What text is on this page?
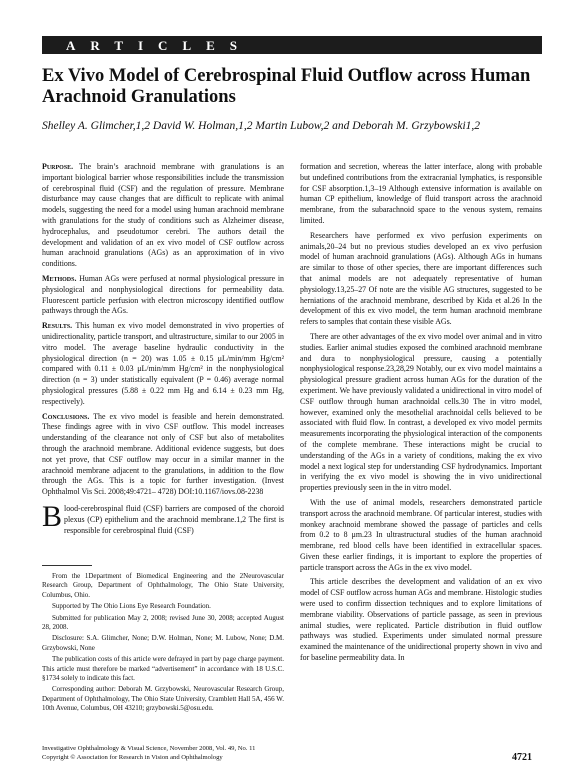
ARTICLES
Ex Vivo Model of Cerebrospinal Fluid Outflow across Human Arachnoid Granulations
Shelley A. Glimcher,1,2 David W. Holman,1,2 Martin Lubow,2 and Deborah M. Grzybowski1,2

Purpose. The brain’s arachnoid membrane with granulations is an important biological barrier whose responsibilities include the transmission of cerebrospinal fluid (CSF) and the regulation of pressure. Membrane disturbance may cause changes that are difficult to replicate with animal models, suggesting the need for a model using human arachnoid membrane with granulations for the study of conditions such as Alzheimer disease, hydrocephalus, and pseudotumor cerebri. The authors detail the development and validation of an ex vivo model of CSF outflow across human arachnoid granulations (AGs) as an approximation of in vivo conditions.

Methods. Human AGs were perfused at normal physiological pressure in physiological and nonphysiological directions for permeability data. Fluorescent particle perfusion with electron microscopy identified outflow pathways through the AGs.

Results. This human ex vivo model demonstrated in vivo properties of unidirectionality, particle transport, and ultrastructure, similar to our 2005 in vitro model. The average baseline hydraulic conductivity in the physiological direction (n = 20) was 1.05 ± 0.15 μL/min/mm Hg/cm² compared with 0.11 ± 0.03 μL/min/mm Hg/cm² in the nonphysiological direction (n = 3) under statistically equivalent (P = 0.46) average normal physiological pressures (5.88 ± 0.22 mm Hg and 6.14 ± 0.23 mm Hg, respectively).

Conclusions. The ex vivo model is feasible and herein demonstrated. These findings agree with in vivo CSF outflow. This model increases understanding of the clearance not only of CSF but also of metabolites through the arachnoid membrane. Additional evidence suggests, but does not yet prove, that CSF outflow may occur in a similar manner in the arachnoid membrane adjacent to the granulations, in addition to the flow through the AGs. This is a topic for further investigation. (Invest Ophthalmol Vis Sci. 2008;49:4721– 4728) DOI:10.1167/iovs.08-2238

B lood-cerebrospinal fluid (CSF) barriers are composed of the choroid plexus (CP) epithelium and the arachnoid membrane.1,2 The first is responsible for cerebrospinal fluid (CSF)

formation and secretion, whereas the latter interface, along with probable but undefined contributions from the extracranial lymphatics, is responsible for CSF absorption.1,3–19 Although extensive information is available on human CP epithelium, knowledge of fluid transport across the arachnoid membrane, from the subarachnoid space to the venous system, remains limited.

Researchers have performed ex vivo perfusion experiments on animals,20–24 but no previous studies developed an ex vivo perfusion model of human arachnoid granulations (AGs). Although AGs in humans are similar to those of other species, there are important differences such that animal models are not adequately representative of human physiology.13,25–27 Of note are the visible AG structures, suggested to be herniations of the arachnoid membrane, described by Kida et al.26 In the development of this ex vivo model, the term human arachnoid membrane refers to samples that contain these visible AGs.

There are other advantages of the ex vivo model over animal and in vitro studies. Earlier animal studies exposed the combined arachnoid membrane and dura to nonphysiological pressure, causing a potentially nonphysiological response.23,28,29 Notably, our ex vivo model maintains a physiological pressure gradient across human AGs for the duration of the experiment. We have previously validated a unidirectional in vitro model of CSF outflow through human arachnoidal cells.30 The in vitro model, however, examined only the mesothelial arachnoidal cells believed to be associated with fluid flow. In contrast, a developed ex vivo model permits measurements incorporating the physiological interaction of the components of the complete membrane. These interactions might be crucial to understanding of the AGs in a variety of conditions, making the ex vivo model a next logical step for understanding CSF hydrodynamics. Important in verifying the ex vivo model is showing the in vivo unidirectional properties previously seen in the in vitro model.

With the use of animal models, researchers demonstrated particle transport across the arachnoid membrane. Of particular interest, studies with monkey arachnoid membrane showed the passage of particles and cells from 0.2 to 8 μm.23 In ultrastructural studies of the human arachnoid membrane, red blood cells have been identified in extracellular spaces. Given these earlier findings, it is important to explore the properties of particle transport across the AGs in the ex vivo model.

This article describes the development and validation of an ex vivo model of CSF outflow across human AGs and membrane. Histologic studies were used to confirm dissection techniques and to explore limitations of membrane viability. Observations of particle passage, as seen in previous animal studies, were replicated. Particle distribution in fluid outflow pathways was studied. Experiments under simulated normal pressure examined the maintenance of the unidirectional property shown in vivo and for baseline permeability data. In

From the 1Department of Biomedical Engineering and the 2Neurovascular Research Group, Department of Ophthalmology, The Ohio State University, Columbus, Ohio.

Supported by The Ohio Lions Eye Research Foundation.

Submitted for publication May 2, 2008; revised June 30, 2008; accepted August 28, 2008.

Disclosure: S.A. Glimcher, None; D.W. Holman, None; M. Lubow, None; D.M. Grzybowski, None

The publication costs of this article were defrayed in part by page charge payment. This article must therefore be marked “advertisement” in accordance with 18 U.S.C. §1734 solely to indicate this fact.

Corresponding author: Deborah M. Grzybowski, Neurovascular Research Group, Department of Ophthalmology, The Ohio State University, Cramblett Hall 5A, 456 W. 10th Avenue, Columbus, OH 43210; grzybowski.5@osu.edu.

Investigative Ophthalmology & Visual Science, November 2008, Vol. 49, No. 11
Copyright © Association for Research in Vision and Ophthalmology	4721
